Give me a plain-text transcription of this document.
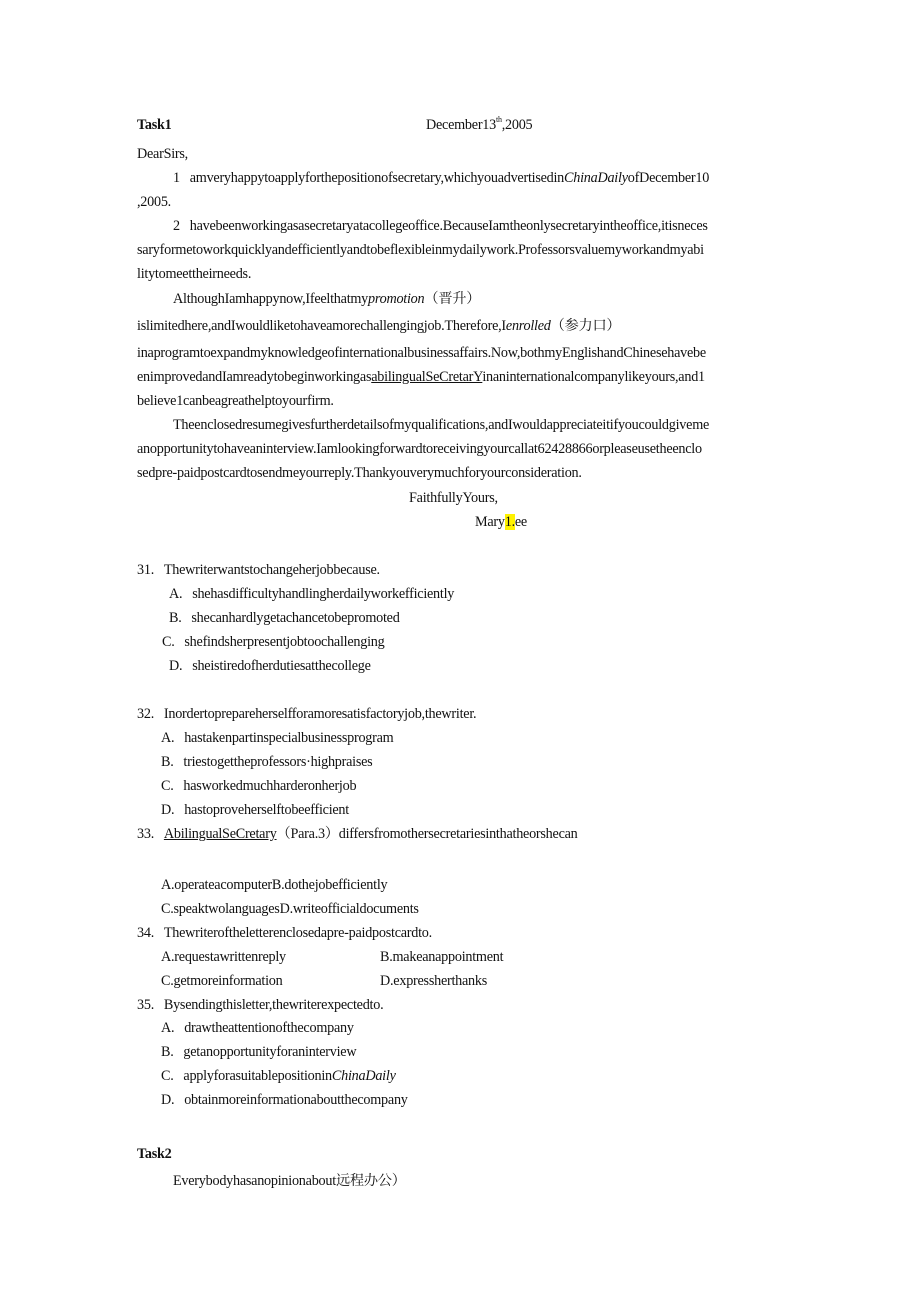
Task1	December13th,2005
DearSirs,
1   amveryhappytoapplyforthepositionofsecretary,whichyouadvertisedinChinaDailyofDecember10
,2005.
2   havebeenworkingasasecretaryatacollegeoffice.BecauseIamtheonlysecretaryintheoffice,itisneces
saryformetoworkquicklyandefficientlyandtobeflexibleinmydailywork.Professorsvaluemyworkandmyabi
litytomeettheirneeds.
AlthoughIamhappynow,Ifeelthatmypromotion（晋升）
islimitedhere,andIwouldliketohaveamorechallengingjob.Therefore,Ienrolled（参力口）
inaprogramtoexpandmyknowledgeofinternationalbusinessaffairs.Now,bothmyEnglishandChinesehavebe
enimprovedandIamreadytobeginworkingasabilingualSeCretarYinaninternationalcompanylikeyours,and1
believe1canbeagreathelptoyourfirm.
Theenclosedresumegivesfurtherdetailsofmyqualifications,andIwouldappreciateitifyoucouldgiveme
anopportunitytohaveaninterview.Iamlookingforwardtoreceivingyourcallat62428866orpleaseusetheenclo
sedpre-paidpostcardtosendmeyourreply.Thankyouverymuchforyourconsideration.
FaithfullyYours,
Mary1.ee
31. Thewriterwantstochangeherjobbecause.
A. shehasdifficultyhandlingherdailyworkefficiently
B. shecanhardlygetachancetobepromoted
C. shefindsherpresentjobtoochallenging
D. sheistiredofherdutiesatthecollege
32. Inordertoprepareherselfforamoresatisfactoryjob,thewriter.
A. hastakenpartinspecialbusinessprogram
B. triestogettheprofessors·highpraises
C. hasworkedmuchharderonherjob
D. hastoproveherselftobeefficient
33. AbilingualSeCretary（Para.3）differsfromothersecretariesinthatheorshecan
A.operateacomputerB.dothejobefficiently
C.speaktwolanguagesD.writeofficialdocuments
34. Thewriteroftheletterenclosedapre-paidpostcardto.
A.requestawrittenreply	B.makeanappointment
C.getmoreinformation	D.expressherthanks
35. Bysendingthisletter,thewriterexpectedto.
A. drawtheattentionofthecompany
B. getanopportunityforaninterview
C. applyforasuitablepositioninChinaDaily
D. obtainmoreinformationaboutthecompany
Task2
Everybodyhasanopinionabout远程办公）
